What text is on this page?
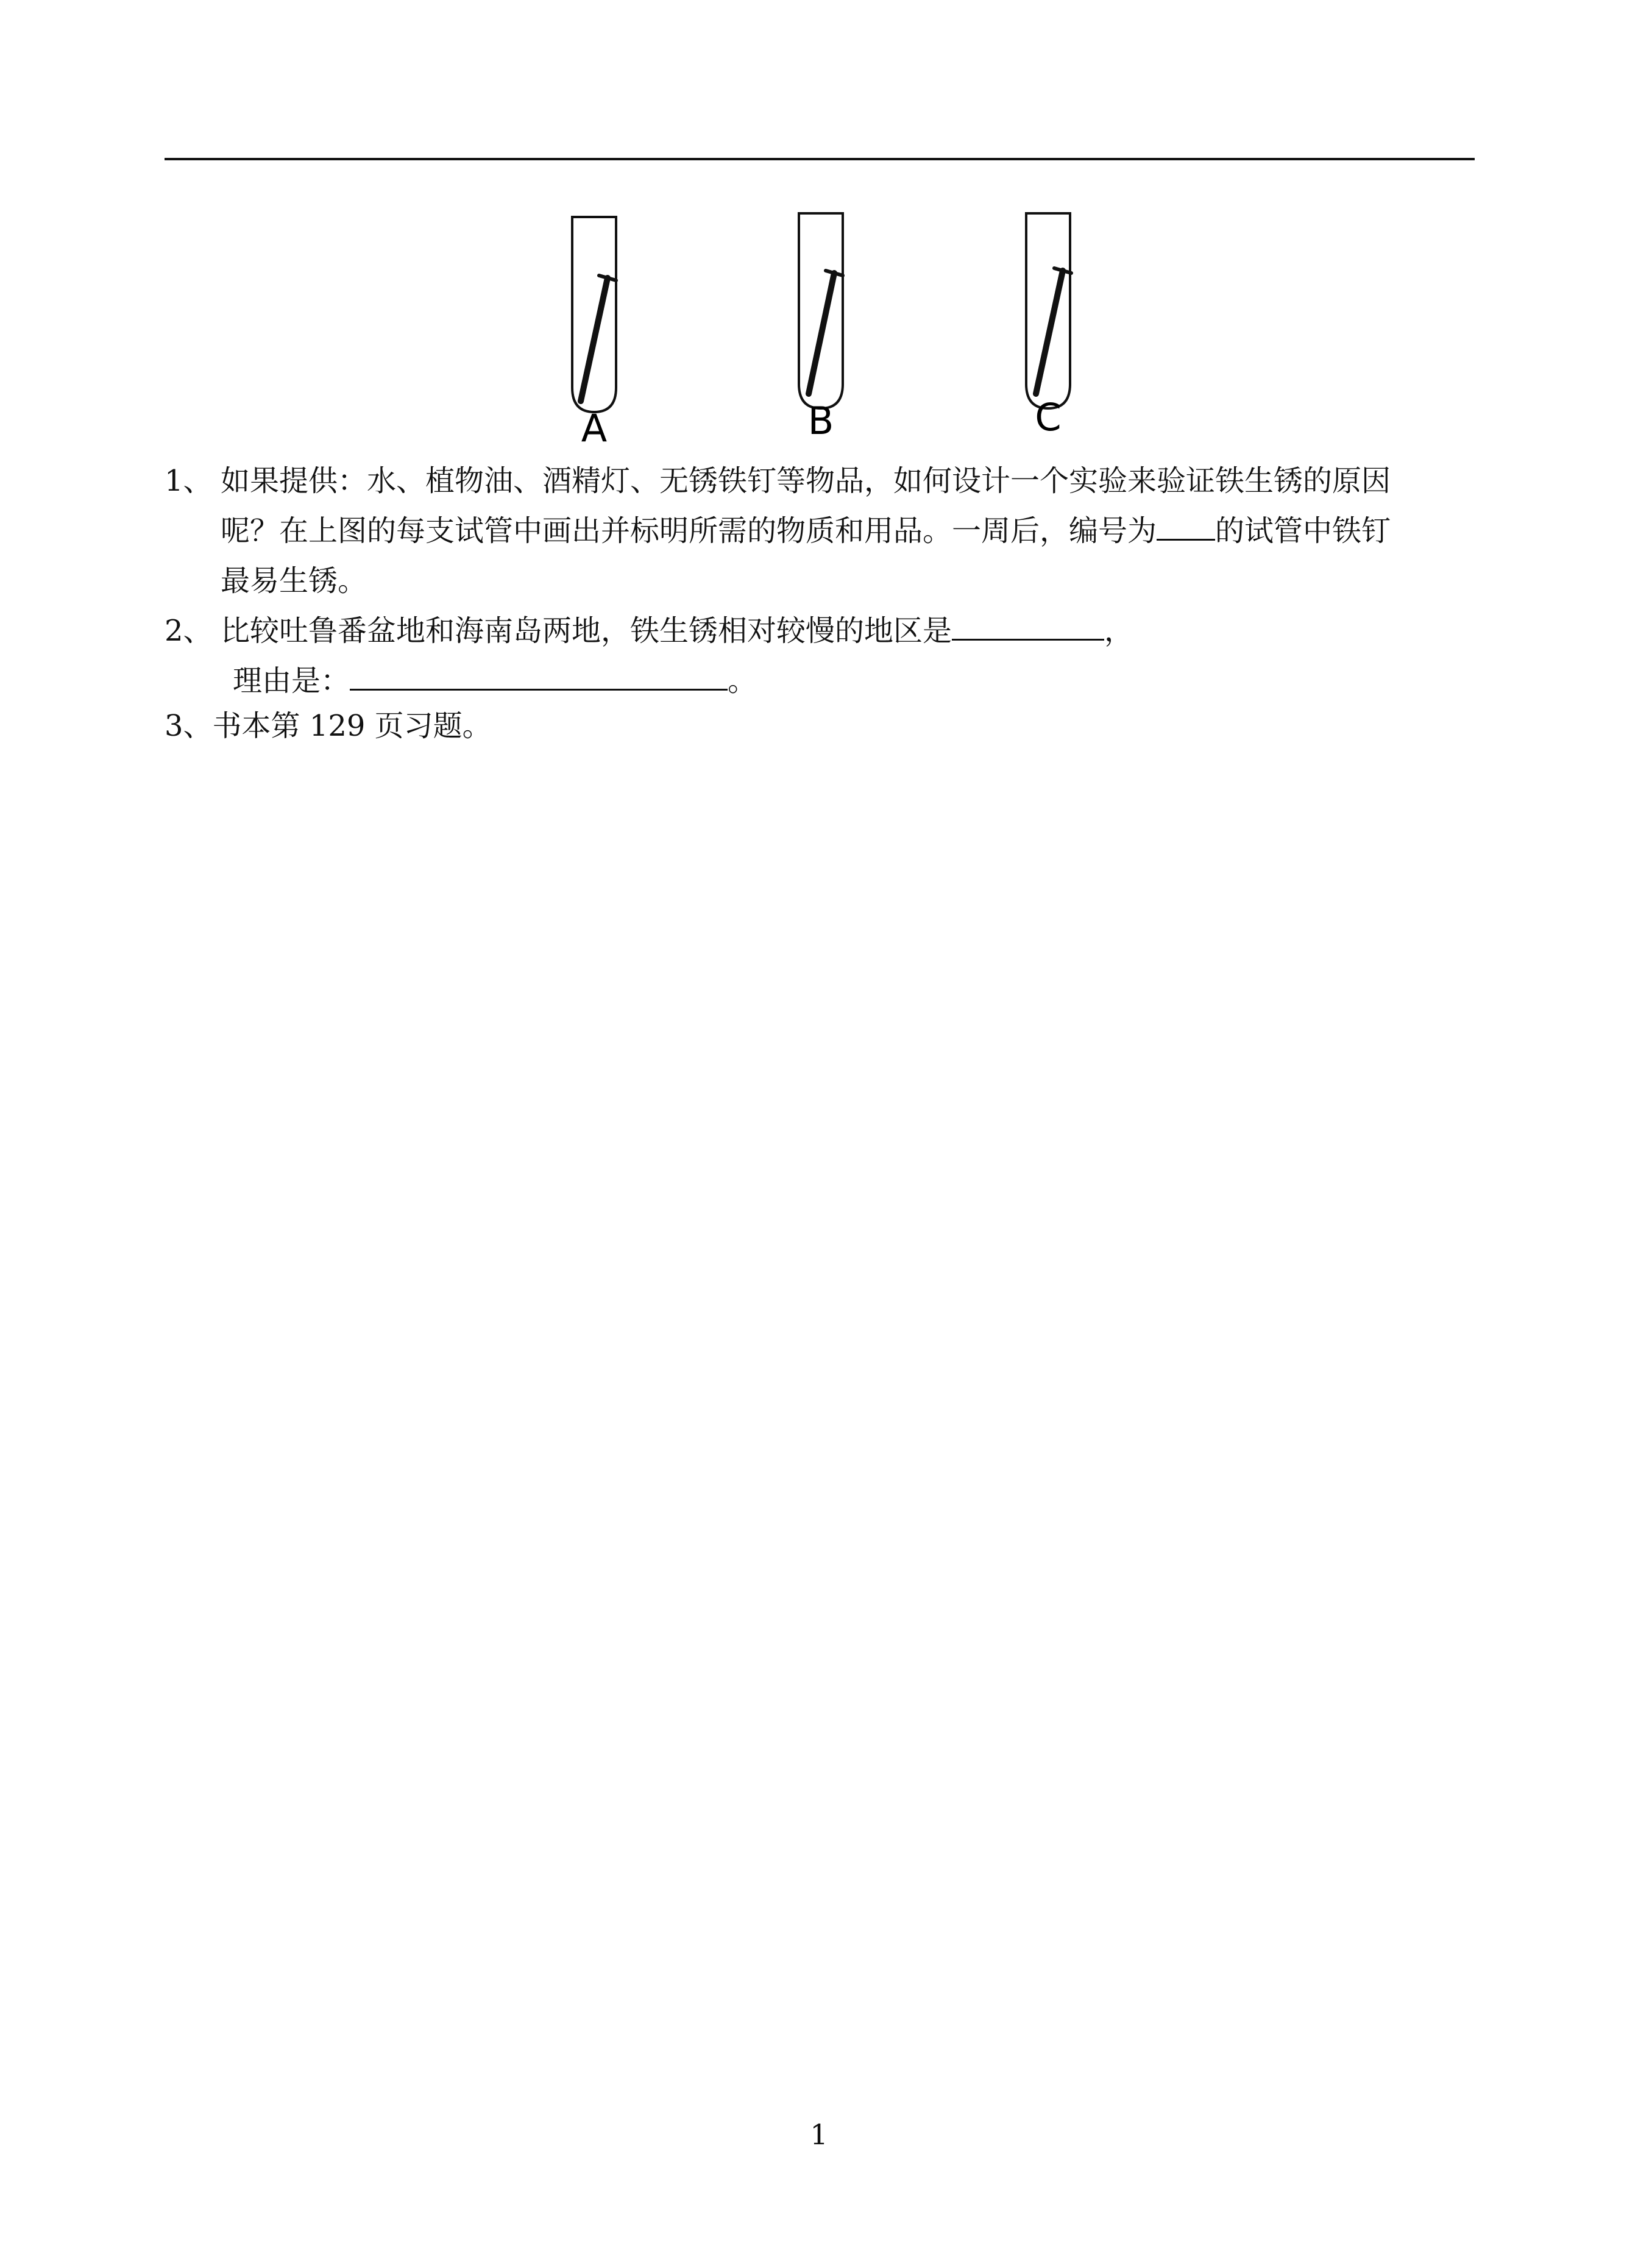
A	B	C
1、 如果提供：水、植物油、酒精灯、无锈铁钉等物品，如何设计一个实验来验证铁生锈的原因
呢？在上图的每支试管中画出并标明所需的物质和用品。一周后，编号为 的试管中铁钉
最易生锈。
2、 比较吐鲁番盆地和海南岛两地，铁生锈相对较慢的地区是	，
理由是：	。
3、书本第 129 页习题。
1
